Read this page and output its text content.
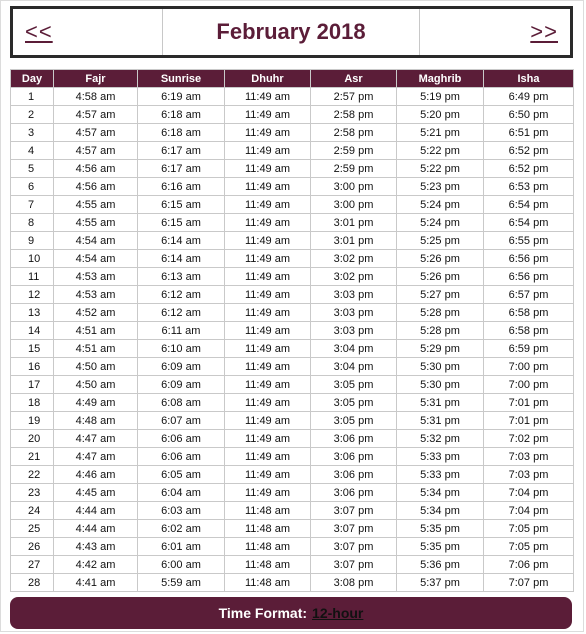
<<	February 2018	>>
Day	Fajr	Sunrise	Dhuhr	Asr	Maghrib	Isha
1	4:58 am	6:19 am	11:49 am	2:57 pm	5:19 pm	6:49 pm
2	4:57 am	6:18 am	11:49 am	2:58 pm	5:20 pm	6:50 pm
3	4:57 am	6:18 am	11:49 am	2:58 pm	5:21 pm	6:51 pm
4	4:57 am	6:17 am	11:49 am	2:59 pm	5:22 pm	6:52 pm
5	4:56 am	6:17 am	11:49 am	2:59 pm	5:22 pm	6:52 pm
6	4:56 am	6:16 am	11:49 am	3:00 pm	5:23 pm	6:53 pm
7	4:55 am	6:15 am	11:49 am	3:00 pm	5:24 pm	6:54 pm
8	4:55 am	6:15 am	11:49 am	3:01 pm	5:24 pm	6:54 pm
9	4:54 am	6:14 am	11:49 am	3:01 pm	5:25 pm	6:55 pm
10	4:54 am	6:14 am	11:49 am	3:02 pm	5:26 pm	6:56 pm
11	4:53 am	6:13 am	11:49 am	3:02 pm	5:26 pm	6:56 pm
12	4:53 am	6:12 am	11:49 am	3:03 pm	5:27 pm	6:57 pm
13	4:52 am	6:12 am	11:49 am	3:03 pm	5:28 pm	6:58 pm
14	4:51 am	6:11 am	11:49 am	3:03 pm	5:28 pm	6:58 pm
15	4:51 am	6:10 am	11:49 am	3:04 pm	5:29 pm	6:59 pm
16	4:50 am	6:09 am	11:49 am	3:04 pm	5:30 pm	7:00 pm
17	4:50 am	6:09 am	11:49 am	3:05 pm	5:30 pm	7:00 pm
18	4:49 am	6:08 am	11:49 am	3:05 pm	5:31 pm	7:01 pm
19	4:48 am	6:07 am	11:49 am	3:05 pm	5:31 pm	7:01 pm
20	4:47 am	6:06 am	11:49 am	3:06 pm	5:32 pm	7:02 pm
21	4:47 am	6:06 am	11:49 am	3:06 pm	5:33 pm	7:03 pm
22	4:46 am	6:05 am	11:49 am	3:06 pm	5:33 pm	7:03 pm
23	4:45 am	6:04 am	11:49 am	3:06 pm	5:34 pm	7:04 pm
24	4:44 am	6:03 am	11:48 am	3:07 pm	5:34 pm	7:04 pm
25	4:44 am	6:02 am	11:48 am	3:07 pm	5:35 pm	7:05 pm
26	4:43 am	6:01 am	11:48 am	3:07 pm	5:35 pm	7:05 pm
27	4:42 am	6:00 am	11:48 am	3:07 pm	5:36 pm	7:06 pm
28	4:41 am	5:59 am	11:48 am	3:08 pm	5:37 pm	7:07 pm
Time Format: 12-hour
